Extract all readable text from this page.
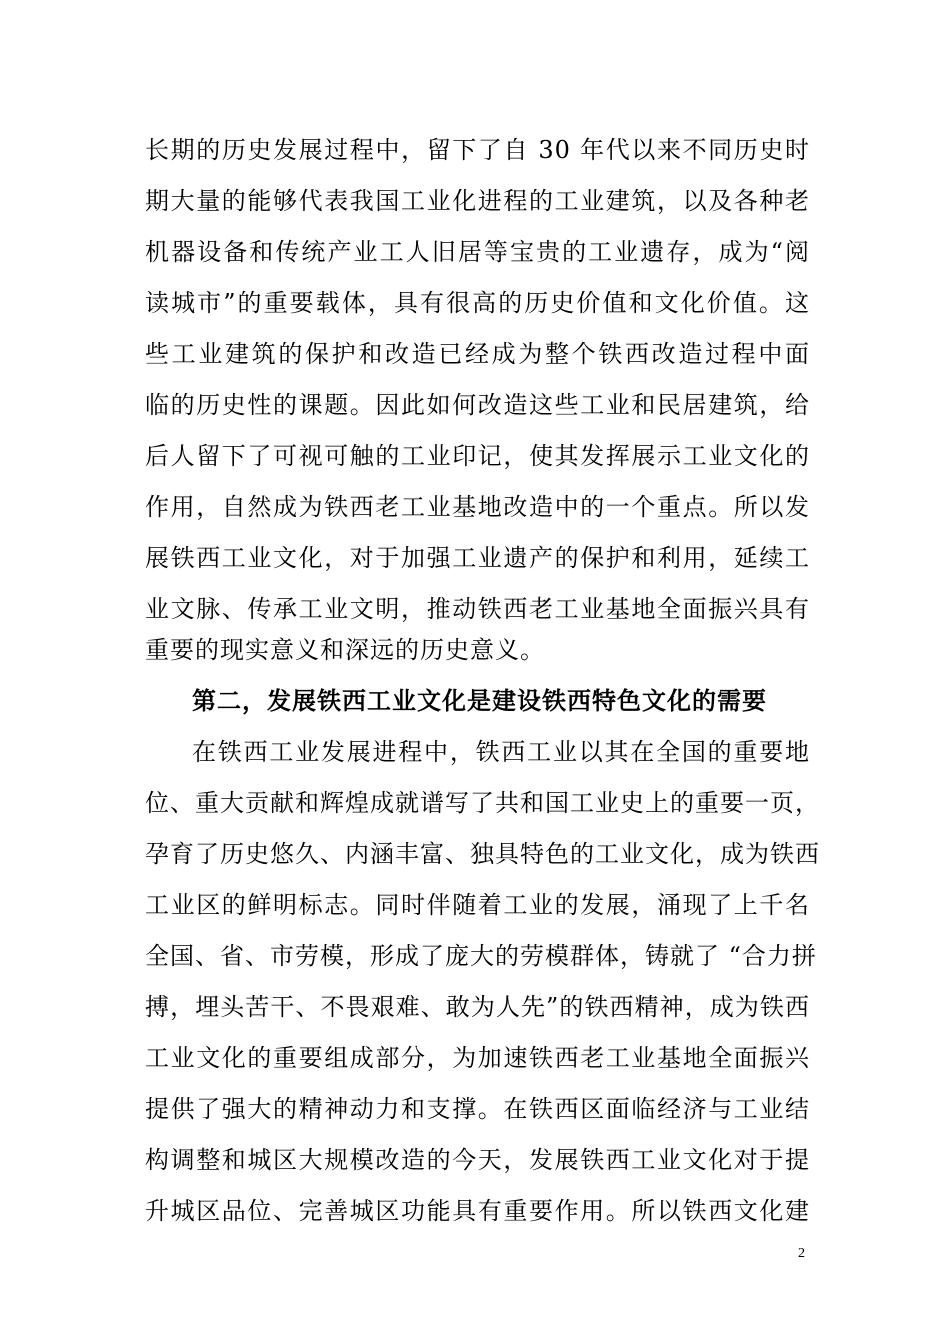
长期的历史发展过程中，留下了自 30 年代以来不同历史时
期大量的能够代表我国工业化进程的工业建筑，以及各种老
机器设备和传统产业工人旧居等宝贵的工业遗存，成为“阅
读城市”的重要载体，具有很高的历史价值和文化价值。这
些工业建筑的保护和改造已经成为整个铁西改造过程中面
临的历史性的课题。因此如何改造这些工业和民居建筑，给
后人留下了可视可触的工业印记，使其发挥展示工业文化的
作用，自然成为铁西老工业基地改造中的一个重点。所以发
展铁西工业文化，对于加强工业遗产的保护和利用，延续工
业文脉、传承工业文明，推动铁西老工业基地全面振兴具有
重要的现实意义和深远的历史意义。
第二，发展铁西工业文化是建设铁西特色文化的需要
在铁西工业发展进程中，铁西工业以其在全国的重要地
位、重大贡献和辉煌成就谱写了共和国工业史上的重要一页，
孕育了历史悠久、内涵丰富、独具特色的工业文化，成为铁西
工业区的鲜明标志。同时伴随着工业的发展，涌现了上千名
全国、省、市劳模，形成了庞大的劳模群体，铸就了 “合力拼
搏，埋头苦干、不畏艰难、敢为人先”的铁西精神，成为铁西
工业文化的重要组成部分，为加速铁西老工业基地全面振兴
提供了强大的精神动力和支撑。在铁西区面临经济与工业结
构调整和城区大规模改造的今天，发展铁西工业文化对于提
升城区品位、完善城区功能具有重要作用。所以铁西文化建
2
